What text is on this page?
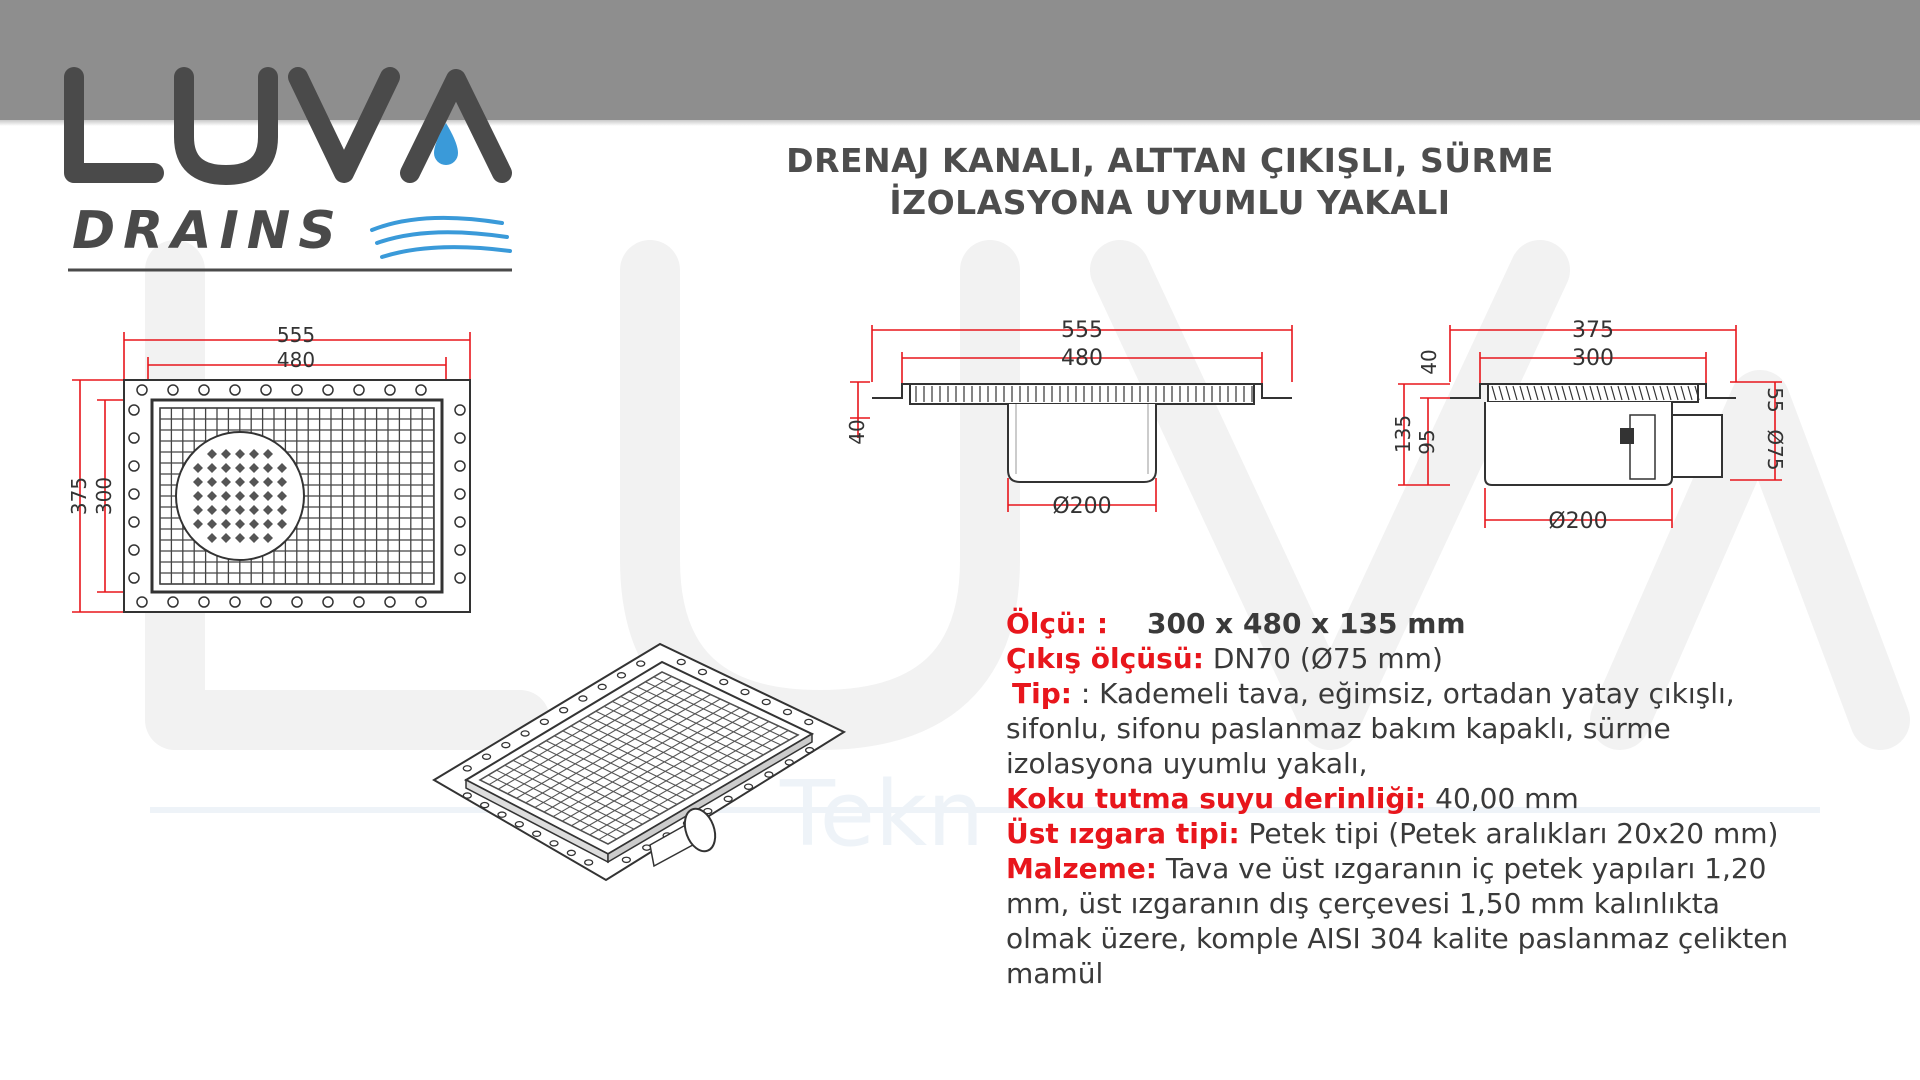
Tekn
DRAINS
DRENAJ KANALI, ALTTAN ÇIKIŞLI, SÜRME
İZOLASYONA UYUMLU YAKALI
555
480
375 300
555
480
40
Ø200
375
300
40
135 95
55
Ø75
Ø200

Ölçü: : 300 x 480 x 135 mm

Çıkış ölçüsü: DN70 (Ø75 mm)

Tip: : Kademeli tava, eğimsiz, ortadan yatay çıkışlı,

sifonlu, sifonu paslanmaz bakım kapaklı, sürme

izolasyona uyumlu yakalı,

Koku tutma suyu derinliği: 40,00 mm

Üst ızgara tipi: Petek tipi (Petek aralıkları 20x20 mm)

Malzeme: Tava ve üst ızgaranın iç petek yapıları 1,20

mm, üst ızgaranın dış çerçevesi 1,50 mm kalınlıkta

olmak üzere, komple AISI 304 kalite paslanmaz çelikten

mamül
